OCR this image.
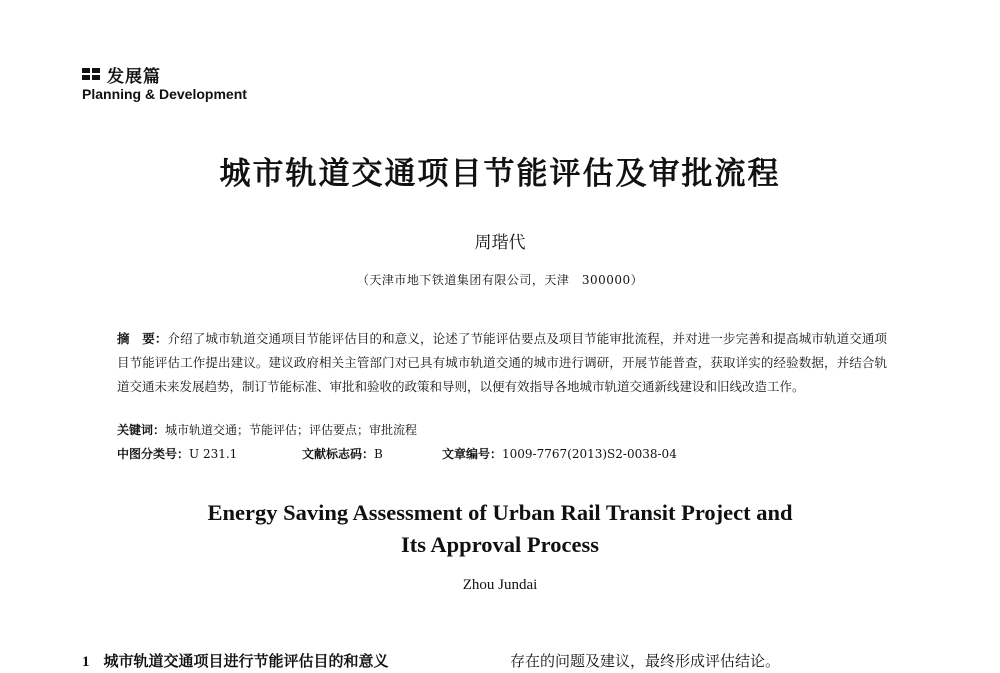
发展篇
Planning & Development
城市轨道交通项目节能评估及审批流程
周瑎代
（天津市地下铁道集团有限公司，天津　300000）
摘　要：介绍了城市轨道交通项目节能评估目的和意义，论述了节能评估要点及项目节能审批流程，并对进一步完善和提高城市轨道交通项目节能评估工作提出建议。建议政府相关主管部门对已具有城市轨道交通的城市进行调研，开展节能普查，获取详实的经验数据，并结合轨道交通未来发展趋势，制订节能标准、审批和验收的政策和导则，以便有效指导各地城市轨道交通新线建设和旧线改造工作。
关键词：城市轨道交通；节能评估；评估要点；审批流程
中图分类号：U 231.1	文献标志码：B	文章编号：1009-7767(2013)S2-0038-04
Energy Saving Assessment of Urban Rail Transit Project and
Its Approval Process
Zhou Jundai
1 城市轨道交通项目进行节能评估目的和意义	存在的问题及建议，最终形成评估结论。
